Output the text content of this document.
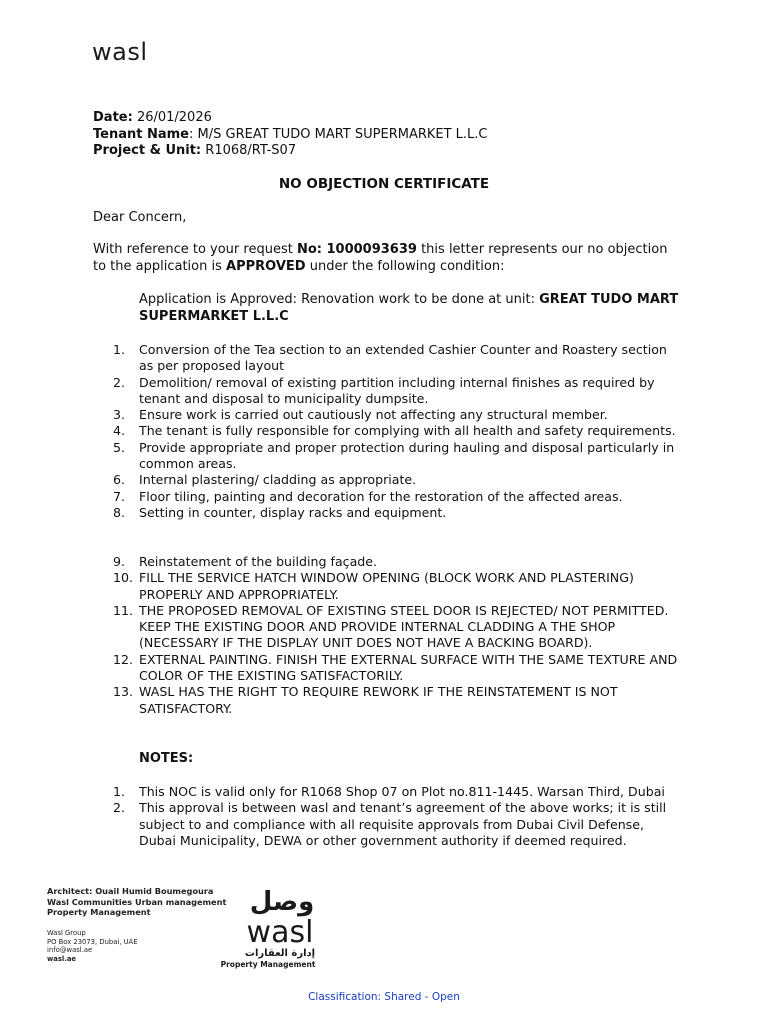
wasl
Date: 26/01/2026
Tenant Name: M/S GREAT TUDO MART SUPERMARKET L.L.C
Project & Unit: R1068/RT-S07
NO OBJECTION CERTIFICATE
Dear Concern,
With reference to your request No: 1000093639 this letter represents our no objection to the application is APPROVED under the following condition:
Application is Approved: Renovation work to be done at unit: GREAT TUDO MART SUPERMARKET L.L.C
1.	Conversion of the Tea section to an extended Cashier Counter and Roastery section as per proposed layout
2.	Demolition/ removal of existing partition including internal finishes as required by tenant and disposal to municipality dumpsite.
3.	Ensure work is carried out cautiously not affecting any structural member.
4.	The tenant is fully responsible for complying with all health and safety requirements.
5.	Provide appropriate and proper protection during hauling and disposal particularly in common areas.
6.	Internal plastering/ cladding as appropriate.
7.	Floor tiling, painting and decoration for the restoration of the affected areas.
8.	Setting in counter, display racks and equipment.
9.	Reinstatement of the building façade.
10. FILL THE SERVICE HATCH WINDOW OPENING (BLOCK WORK AND PLASTERING) PROPERLY AND APPROPRIATELY.
11. THE PROPOSED REMOVAL OF EXISTING STEEL DOOR IS REJECTED/ NOT PERMITTED. KEEP THE EXISTING DOOR AND PROVIDE INTERNAL CLADDING A THE SHOP (NECESSARY IF THE DISPLAY UNIT DOES NOT HAVE A BACKING BOARD).
12. EXTERNAL PAINTING. FINISH THE EXTERNAL SURFACE WITH THE SAME TEXTURE AND COLOR OF THE EXISTING SATISFACTORILY.
13. WASL HAS THE RIGHT TO REQUIRE REWORK IF THE REINSTATEMENT IS NOT SATISFACTORY.
NOTES:
1.	This NOC is valid only for R1068 Shop 07 on Plot no.811-1445. Warsan Third, Dubai
2.	This approval is between wasl and tenant’s agreement of the above works; it is still subject to and compliance with all requisite approvals from Dubai Civil Defense, Dubai Municipality, DEWA or other government authority if deemed required.
Architect: Ouail Humid Boumegoura
Wasl Communities Urban management
Property Management
Wasl Group
PO Box 23073, Dubai, UAE
info@wasl.ae
wasl.ae
وصل
wasl
إدارة العقارات
Property Management
Classification: Shared - Open
